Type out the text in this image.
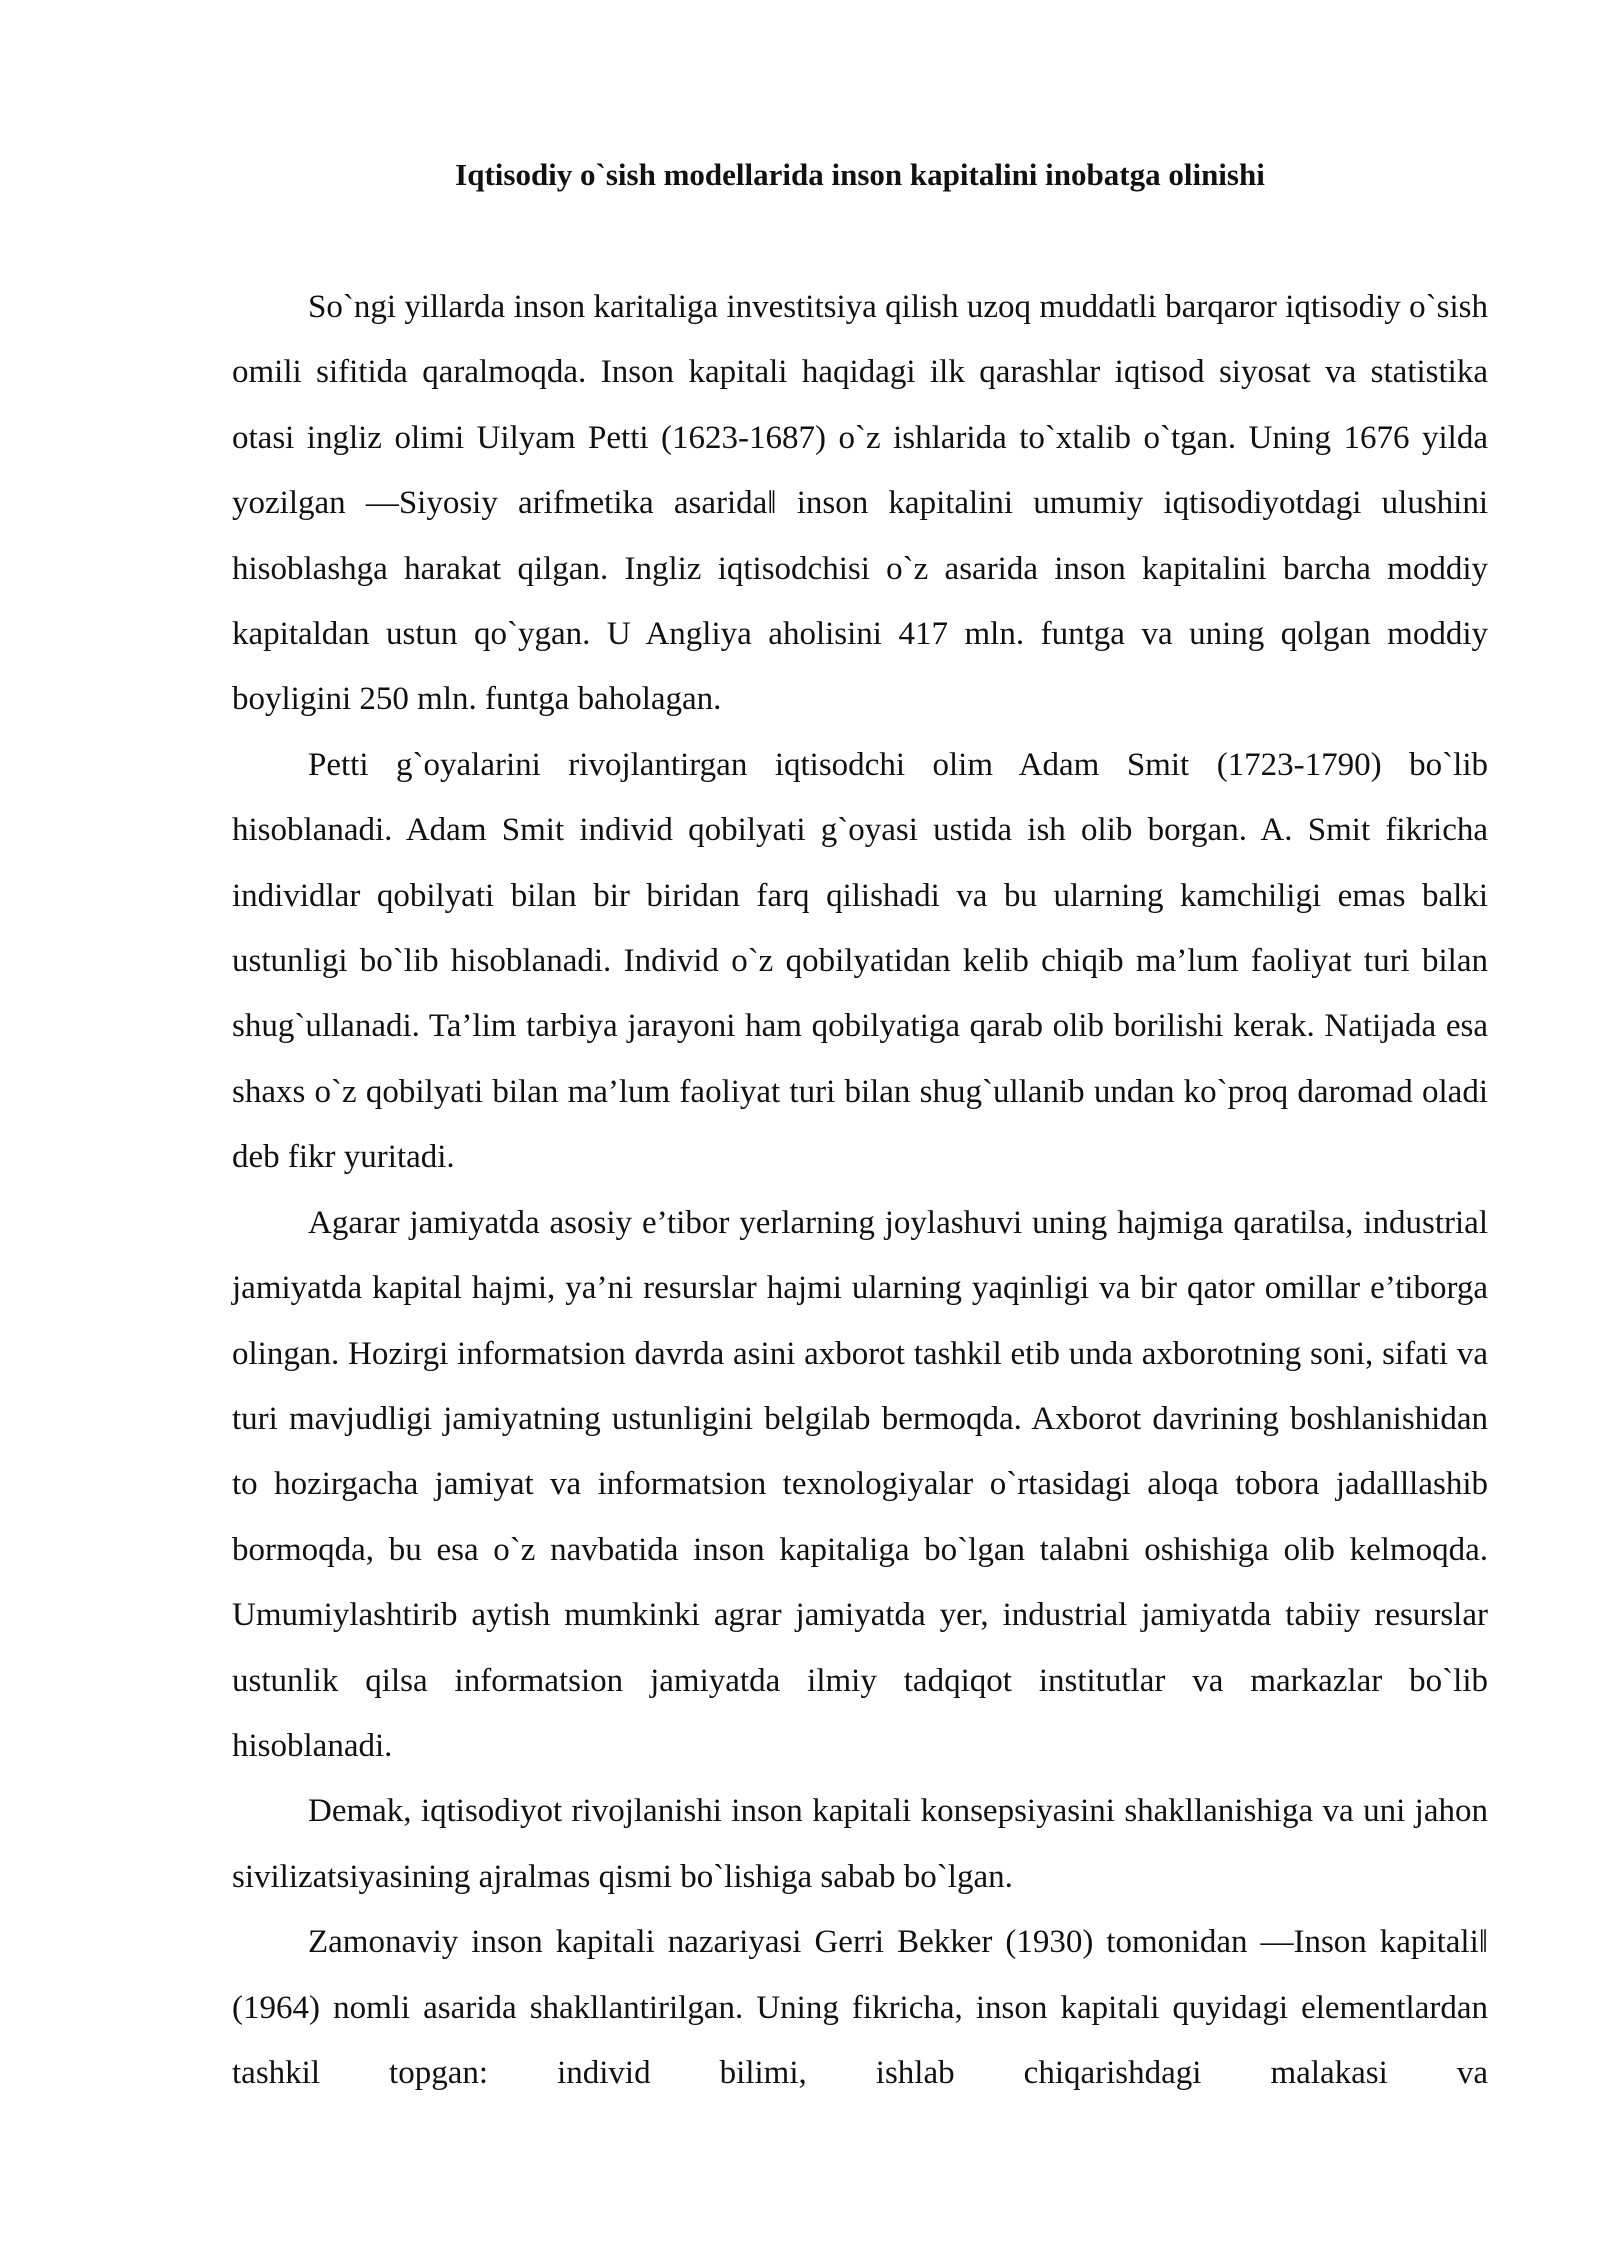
Iqtisodiy o`sish modellarida inson kapitalini inobatga olinishi

So`ngi yillarda inson karitaliga investitsiya qilish uzoq muddatli barqaror iqtisodiy o`sish omili sifitida qaralmoqda. Inson kapitali haqidagi ilk qarashlar iqtisod siyosat va statistika otasi ingliz olimi Uilyam Petti (1623-1687) o`z ishlarida to`xtalib o`tgan. Uning 1676 yilda yozilgan ―Siyosiy arifmetika asarida‖ inson kapitalini umumiy iqtisodiyotdagi ulushini hisoblashga harakat qilgan. Ingliz iqtisodchisi o`z asarida inson kapitalini barcha moddiy kapitaldan ustun qo`ygan. U Angliya aholisini 417 mln. funtga va uning qolgan moddiy boyligini 250 mln. funtga baholagan.

Petti g`oyalarini rivojlantirgan iqtisodchi olim Adam Smit (1723-1790) bo`lib hisoblanadi. Adam Smit individ qobilyati g`oyasi ustida ish olib borgan. A. Smit fikricha individlar qobilyati bilan bir biridan farq qilishadi va bu ularning kamchiligi emas balki ustunligi bo`lib hisoblanadi. Individ o`z qobilyatidan kelib chiqib ma’lum faoliyat turi bilan shug`ullanadi. Ta’lim tarbiya jarayoni ham qobilyatiga qarab olib borilishi kerak. Natijada esa shaxs o`z qobilyati bilan ma’lum faoliyat turi bilan shug`ullanib undan ko`proq daromad oladi deb fikr yuritadi.

Agarar jamiyatda asosiy e’tibor yerlarning joylashuvi uning hajmiga qaratilsa, industrial jamiyatda kapital hajmi, ya’ni resurslar hajmi ularning yaqinligi va bir qator omillar e’tiborga olingan. Hozirgi informatsion davrda asini axborot tashkil etib unda axborotning soni, sifati va turi mavjudligi jamiyatning ustunligini belgilab bermoqda. Axborot davrining boshlanishidan to hozirgacha jamiyat va informatsion texnologiyalar o`rtasidagi aloqa tobora jadalllashib bormoqda, bu esa o`z navbatida inson kapitaliga bo`lgan talabni oshishiga olib kelmoqda. Umumiylashtirib aytish mumkinki agrar jamiyatda yer, industrial jamiyatda tabiiy resurslar ustunlik qilsa informatsion jamiyatda ilmiy tadqiqot institutlar va markazlar bo`lib hisoblanadi.

Demak, iqtisodiyot rivojlanishi inson kapitali konsepsiyasini shakllanishiga va uni jahon sivilizatsiyasining ajralmas qismi bo`lishiga sabab bo`lgan.

Zamonaviy inson kapitali nazariyasi Gerri Bekker (1930) tomonidan ―Inson kapitali‖ (1964) nomli asarida shakllantirilgan. Uning fikricha, inson kapitali quyidagi elementlardan tashkil topgan: individ bilimi, ishlab chiqarishdagi malakasi va
